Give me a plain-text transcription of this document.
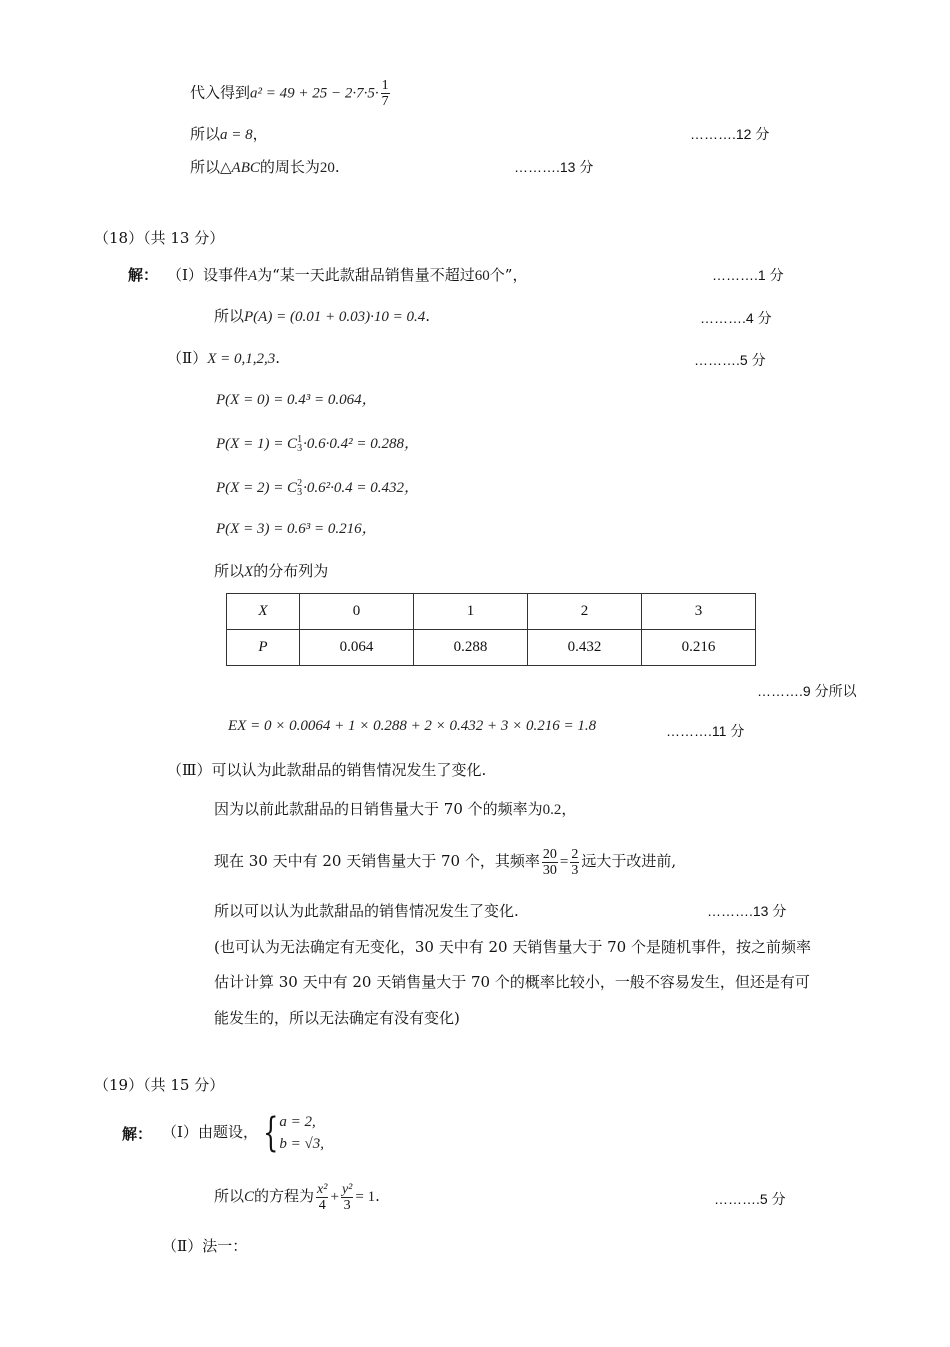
代入得到$a^2 = 49 + 25 - 2\cdot 7\cdot 5\cdot \frac{1}{7}$
所以a = 8，	……….12 分
所以△ABC的周长为20.	……….13 分
（18）（共 13 分）
解： （Ⅰ）设事件A为“某一天此款甜品销售量不超过60个”，	……….1 分
所以P(A) = (0.01 + 0.03)·10 = 0.4.	……….4 分
（Ⅱ）X = 0,1,2,3.	……….5 分
P(X = 0) = 0.4³ = 0.064，
P(X = 1) = C 1
3 ·0.6·0.4² = 0.288，
P(X = 2) = C 2
3 ·0.6²·0.4 = 0.432，
P(X = 3) = 0.6³ = 0.216，
所以X的分布列为
X	0	1	2	3
P	0.064	0.288	0.432	0.216
……….9 分所以
EX = 0 × 0.0064 + 1 × 0.288 + 2 × 0.432 + 3 × 0.216 = 1.8	……….11 分
（Ⅲ）可以认为此款甜品的销售情况发生了变化.
因为以前此款甜品的日销售量大于 70 个的频率为0.2，
现在 30 天中有 20 天销售量大于 70 个，其频率 $\frac{20}{30} = \frac{2}{3}$ 远大于改进前,
所以可以认为此款甜品的销售情况发生了变化.	……….13 分
(也可认为无法确定有无变化，30 天中有 20 天销售量大于 70 个是随机事件，按之前频率
估计计算 30 天中有 20 天销售量大于 70 个的概率比较小，一般不容易发生，但还是有可
能发生的，所以无法确定有没有变化)
（19）（共 15 分）
解： （Ⅰ）由题设， { a = 2,
b = √3,
所以C的方程为 $\frac{\text{x²}}{4} + \frac{\text{y²}}{3} = 1$.	……….5 分
（Ⅱ）法一：
